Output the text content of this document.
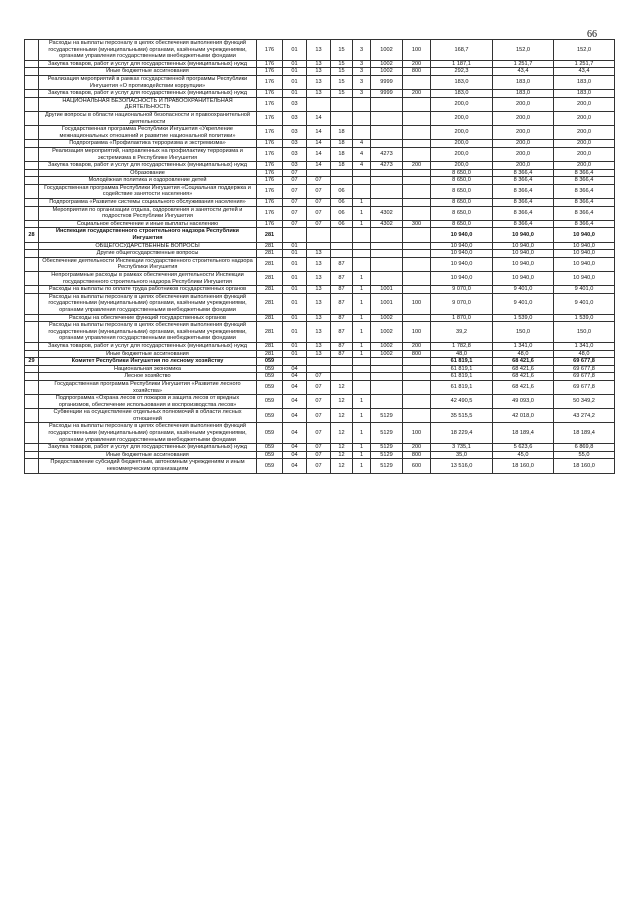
66
	Расходы на выплаты персоналу в целях обеспечения выполнения функций государственными (муниципальными) органами, казёнными учреждениями, органами управления государственными внебюджетными фондами	176	01	13	15	3	1002	100	168,7	152,0	152,0
	Закупка товаров, работ и услуг для государственных (муниципальных) нужд	176	01	13	15	3	1002	200	1 187,1	1 251,7	1 251,7
	Иные бюджетные ассигнования	176	01	13	15	3	1002	800	292,3	43,4	43,4
	Реализация мероприятий в рамках государственной программы Республики Ингушетия «О противодействии коррупции»	176	01	13	15	3	9999		183,0	183,0	183,0
	Закупка товаров, работ и услуг для государственных (муниципальных) нужд	176	01	13	15	3	9999	200	183,0	183,0	183,0
	НАЦИОНАЛЬНАЯ БЕЗОПАСНОСТЬ И ПРАВООХРАНИТЕЛЬНАЯ ДЕЯТЕЛЬНОСТЬ	176	03						200,0	200,0	200,0
	Другие вопросы в области национальной безопасности и правоохранительной деятельности	176	03	14					200,0	200,0	200,0
	Государственная программа Республики Ингушетия «Укрепление межнациональных отношений и развитие национальной политики»	176	03	14	18				200,0	200,0	200,0
	Подпрограмма «Профилактика терроризма и экстремизма»	176	03	14	18	4			200,0	200,0	200,0
	Реализация мероприятий, направленных на профилактику терроризма и экстремизма в Республике Ингушетия	176	03	14	18	4	4273		200,0	200,0	200,0
	Закупка товаров, работ и услуг для государственных (муниципальных) нужд	176	03	14	18	4	4273	200	200,0	200,0	200,0
	Образование	176	07						8 650,0	8 366,4	8 366,4
	Молодёжная политика и оздоровление детей	176	07	07					8 650,0	8 366,4	8 366,4
	Государственная программа Республики Ингушетия «Социальная поддержка и содействие занятости населения»	176	07	07	06				8 650,0	8 366,4	8 366,4
	Подпрограмма «Развитие системы социального обслуживания населения»	176	07	07	06	1			8 650,0	8 366,4	8 366,4
	Мероприятия по организации отдыха, оздоровления и занятости детей и подростков Республики Ингушетия	176	07	07	06	1	4302		8 650,0	8 366,4	8 366,4
	Социальное обеспечение и иные выплаты населению	176	07	07	06	1	4302	300	8 650,0	8 366,4	8 366,4
28	Инспекция государственного строительного надзора Республики Ингушетия	281							10 940,0	10 940,0	10 940,0
	ОБЩЕГОСУДАРСТВЕННЫЕ ВОПРОСЫ	281	01						10 940,0	10 940,0	10 940,0
	Другие общегосударственные вопросы	281	01	13					10 940,0	10 940,0	10 940,0
	Обеспечение деятельности Инспекции государственного строительного надзора Республики Ингушетия	281	01	13	87				10 940,0	10 940,0	10 940,0
	Непрограммные расходы в рамках обеспечения деятельности Инспекции государственного строительного надзора Республики Ингушетия	281	01	13	87	1			10 940,0	10 940,0	10 940,0
	Расходы на выплаты по оплате труда работников государственных органов	281	01	13	87	1	1001		9 070,0	9 401,0	9 401,0
	Расходы на выплаты персоналу в целях обеспечения выполнения функций государственными (муниципальными) органами, казёнными учреждениями, органами управления государственными внебюджетными фондами	281	01	13	87	1	1001	100	9 070,0	9 401,0	9 401,0
	Расходы на обеспечение функций государственных органов	281	01	13	87	1	1002		1 870,0	1 539,0	1 539,0
	Расходы на выплаты персоналу в целях обеспечения выполнения функций государственными (муниципальными) органами, казёнными учреждениями, органами управления государственными внебюджетными фондами	281	01	13	87	1	1002	100	39,2	150,0	150,0
	Закупка товаров, работ и услуг для государственных (муниципальных) нужд	281	01	13	87	1	1002	200	1 782,8	1 341,0	1 341,0
	Иные бюджетные ассигнования	281	01	13	87	1	1002	800	48,0	48,0	48,0
29	Комитет Республики Ингушетия по лесному хозяйству	059							61 819,1	68 421,6	69 677,8
	Национальная экономика	059	04						61 819,1	68 421,6	69 677,8
	Лесное хозяйство	059	04	07					61 819,1	68 421,6	69 677,8
	Государственная программа Республики Ингушетия «Развитие лесного хозяйства»	059	04	07	12				61 819,1	68 421,6	69 677,8
	Подпрограмма «Охрана лесов от пожаров и защита лесов от вредных организмов, обеспечение использования и воспроизводства лесов»	059	04	07	12	1			42 490,5	49 093,0	50 349,2
	Субвенции на осуществление отдельных полномочий в области лесных отношений	059	04	07	12	1	5129		35 515,5	42 018,0	43 274,2
	Расходы на выплаты персоналу в целях обеспечения выполнения функций государственными (муниципальными) органами, казёнными учреждениями, органами управления государственными внебюджетными фондами	059	04	07	12	1	5129	100	18 229,4	18 189,4	18 189,4
	Закупка товаров, работ и услуг для государственных (муниципальных) нужд	059	04	07	12	1	5129	200	3 735,1	5 623,6	6 869,8
	Иные бюджетные ассигнования	059	04	07	12	1	5129	800	35,0	45,0	55,0
	Предоставление субсидий бюджетным, автономным учреждениям и иным некоммерческим организациям	059	04	07	12	1	5129	600	13 516,0	18 160,0	18 160,0
